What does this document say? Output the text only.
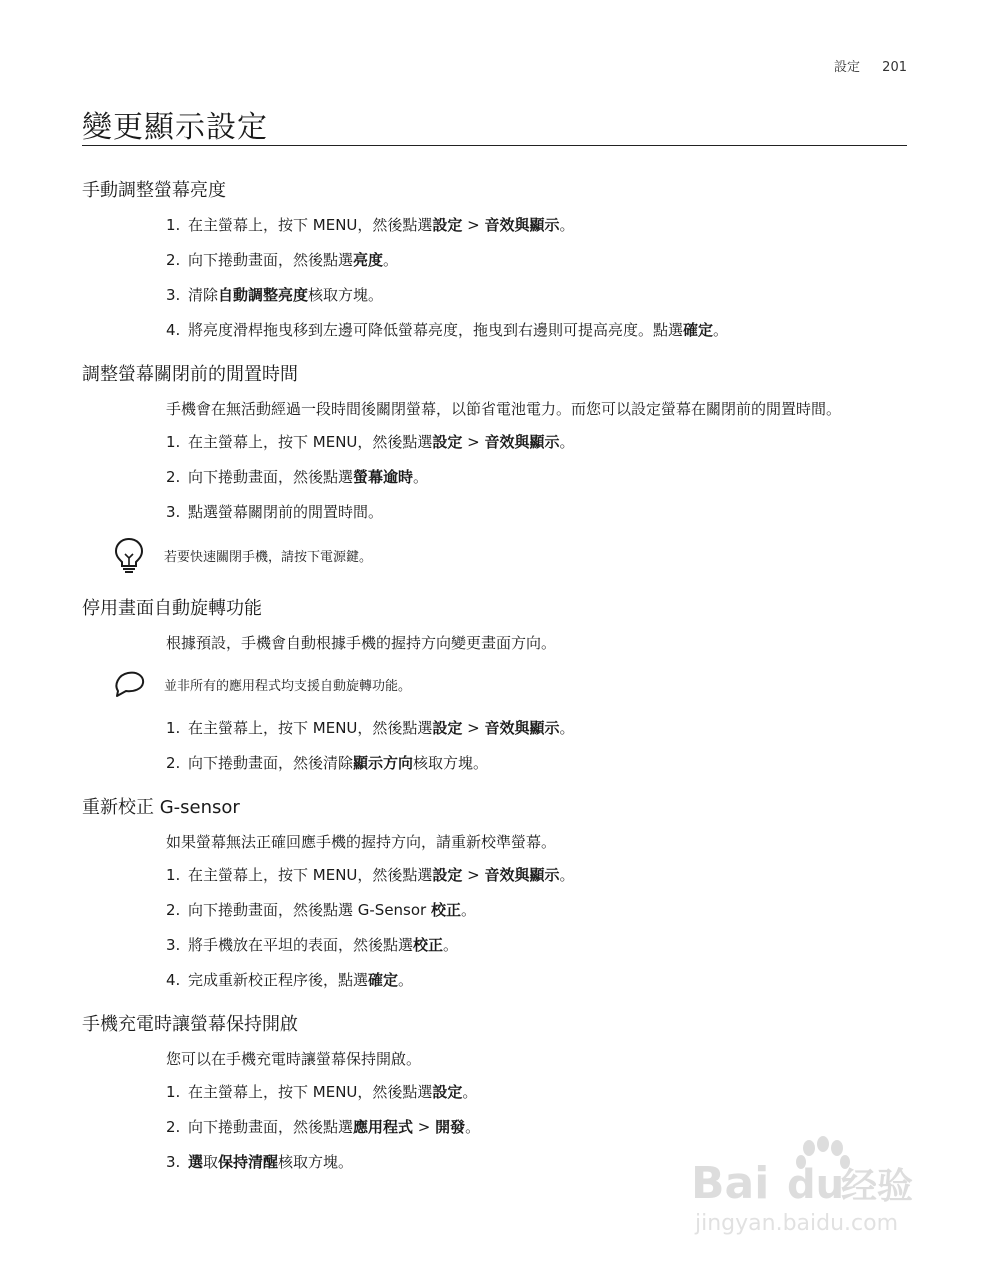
設定 201
變更顯示設定
手動調整螢幕亮度
1. 在主螢幕上，按下 MENU，然後點選設定 > 音效與顯示。
2. 向下捲動畫面，然後點選亮度。
3. 清除自動調整亮度核取方塊。
4. 將亮度滑桿拖曳移到左邊可降低螢幕亮度，拖曳到右邊則可提高亮度。點選確定。
調整螢幕關閉前的閒置時間

手機會在無活動經過一段時間後關閉螢幕，以節省電池電力。而您可以設定螢幕在關閉前的閒置時間。

1. 在主螢幕上，按下 MENU，然後點選設定 > 音效與顯示。
2. 向下捲動畫面，然後點選螢幕逾時。
3. 點選螢幕關閉前的閒置時間。
若要快速關閉手機，請按下電源鍵。
停用畫面自動旋轉功能

根據預設，手機會自動根據手機的握持方向變更畫面方向。

並非所有的應用程式均支援自動旋轉功能。
1. 在主螢幕上，按下 MENU，然後點選設定 > 音效與顯示。
2. 向下捲動畫面，然後清除顯示方向核取方塊。
重新校正 G-sensor

如果螢幕無法正確回應手機的握持方向，請重新校準螢幕。

1. 在主螢幕上，按下 MENU，然後點選設定 > 音效與顯示。
2. 向下捲動畫面，然後點選 G-Sensor 校正。
3. 將手機放在平坦的表面，然後點選校正。
4. 完成重新校正程序後，點選確定。
手機充電時讓螢幕保持開啟

您可以在手機充電時讓螢幕保持開啟。

1. 在主螢幕上，按下 MENU，然後點選設定。
2. 向下捲動畫面，然後點選應用程式 > 開發。
3. 選取保持清醒核取方塊。	Bai du
经验
jingyan.baidu.com
